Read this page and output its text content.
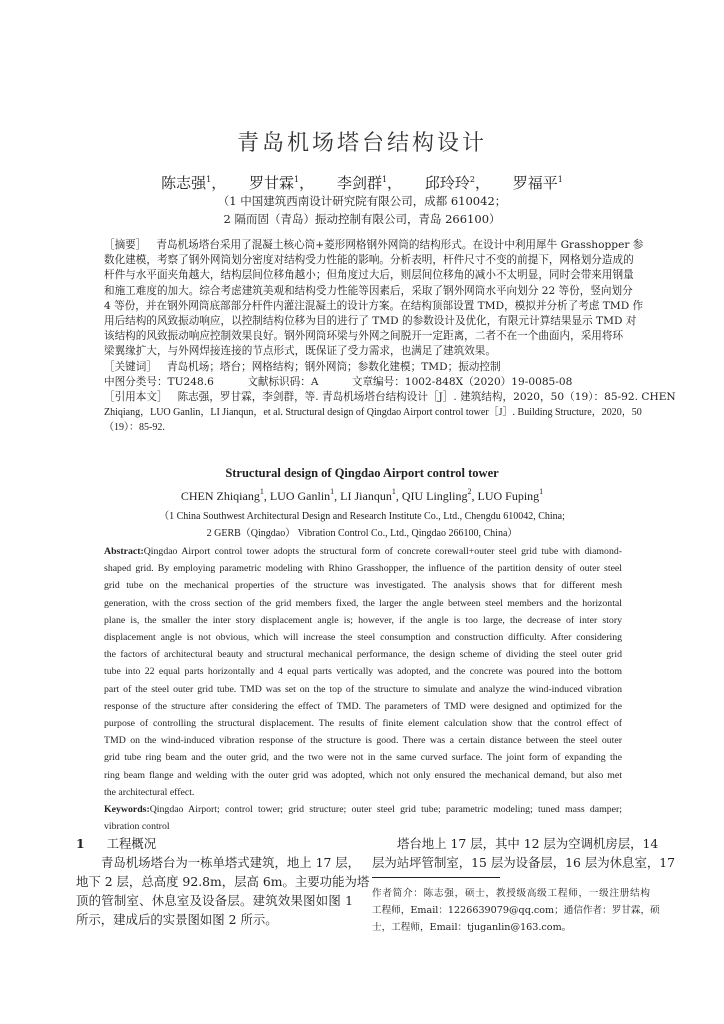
青岛机场塔台结构设计
陈志强$^1$， 罗甘霖$^1$， 李剑群$^1$， 邱玲玲$^2$， 罗福平$^1$
（1 中国建筑西南设计研究院有限公司，成都 610042；
2 隔而固（青岛）振动控制有限公司，青岛 266100）
［摘要］ 青岛机场塔台采用了混凝土核心筒+菱形网格钢外网筒的结构形式。在设计中利用犀牛 Grasshopper 参
数化建模，考察了钢外网筒划分密度对结构受力性能的影响。分析表明，杆件尺寸不变的前提下，网格划分造成的
杆件与水平面夹角越大，结构层间位移角越小；但角度过大后，则层间位移角的减小不太明显，同时会带来用钢量
和施工难度的加大。综合考虑建筑美观和结构受力性能等因素后，采取了钢外网筒水平向划分 22 等份，竖向划分
4 等份，并在钢外网筒底部部分杆件内灌注混凝土的设计方案。在结构顶部设置 TMD，模拟并分析了考虑 TMD 作
用后结构的风致振动响应，以控制结构位移为目的进行了 TMD 的参数设计及优化，有限元计算结果显示 TMD 对
该结构的风致振动响应控制效果良好。钢外网筒环梁与外网之间脱开一定距离，二者不在一个曲面内，采用将环
梁翼缘扩大，与外网焊接连接的节点形式，既保证了受力需求，也满足了建筑效果。
［关键词］ 青岛机场；塔台；网格结构；钢外网筒；参数化建模；TMD；振动控制
中图分类号：TU248.6	文献标识码：A	文章编号：1002-848X（2020）19-0085-08
［引用本文］ 陈志强，罗甘霖，李剑群，等. 青岛机场塔台结构设计［J］. 建筑结构，2020，50（19）：85-92. CHEN
Zhiqiang，LUO Ganlin，LI Jianqun，et al. Structural design of Qingdao Airport control tower［J］. Building Structure，2020，50
（19）：85-92.
Structural design of Qingdao Airport control tower
CHEN Zhiqiang$^1$, LUO Ganlin$^1$, LI Jianqun$^1$, QIU Lingling$^2$, LUO Fuping$^1$
（1 China Southwest Architectural Design and Research Institute Co., Ltd., Chengdu 610042, China;
2 GERB（Qingdao） Vibration Control Co., Ltd., Qingdao 266100, China）
Abstract:Qingdao Airport control tower adopts the structural form of concrete corewall+outer steel grid tube with diamond-
shaped grid. By employing parametric modeling with Rhino Grasshopper, the influence of the partition density of outer steel
grid tube on the mechanical properties of the structure was investigated. The analysis shows that for different mesh
generation, with the cross section of the grid members fixed, the larger the angle between steel members and the horizontal
plane is, the smaller the inter story displacement angle is; however, if the angle is too large, the decrease of inter story
displacement angle is not obvious, which will increase the steel consumption and construction difficulty. After considering
the factors of architectural beauty and structural mechanical performance, the design scheme of dividing the steel outer grid
tube into 22 equal parts horizontally and 4 equal parts vertically was adopted, and the concrete was poured into the bottom
part of the steel outer grid tube. TMD was set on the top of the structure to simulate and analyze the wind-induced vibration
response of the structure after considering the effect of TMD. The parameters of TMD were designed and optimized for the
purpose of controlling the structural displacement. The results of finite element calculation show that the control effect of
TMD on the wind-induced vibration response of the structure is good. There was a certain distance between the steel outer
grid tube ring beam and the outer grid, and the two were not in the same curved surface. The joint form of expanding the
ring beam flange and welding with the outer grid was adopted, which not only ensured the mechanical demand, but also met
the architectural effect.
Keywords:Qingdao Airport; control tower; grid structure; outer steel grid tube; parametric modeling; tuned mass damper;
vibration control
1 工程概况
青岛机场塔台为一栋单塔式建筑，地上 17 层，
地下 2 层，总高度 92.8m，层高 6m。主要功能为塔
顶的管制室、休息室及设备层。建筑效果图如图 1
所示，建成后的实景图如图 2 所示。
塔台地上 17 层，其中 12 层为空调机房层，14
层为站坪管制室，15 层为设备层，16 层为休息室，17
作者简介：陈志强，硕士，教授级高级工程师，一级注册结构
工程师，Email：1226639079@qq.com；通信作者：罗甘霖，硕
士，工程师，Email：tjuganlin@163.com。
